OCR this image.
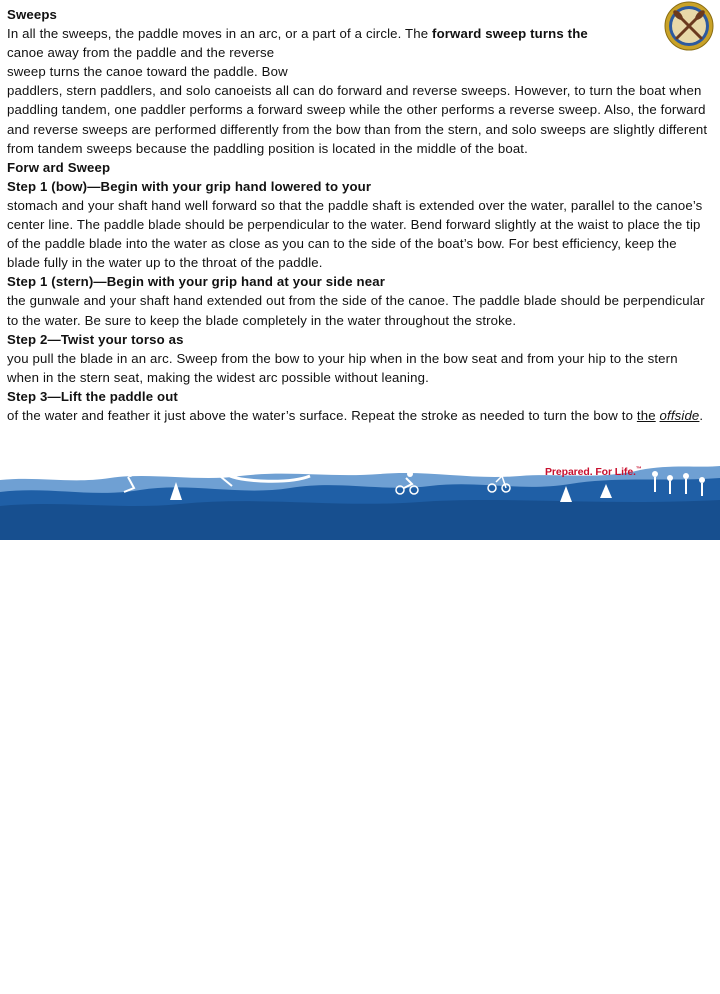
Sweeps

In all the sweeps, the paddle moves in an arc, or a part of a circle. The forward sweep turns the
canoe away from the paddle and the reverse
sweep turns the canoe toward the paddle. Bow
paddlers, stern paddlers, and solo canoeists all can do forward and reverse sweeps. However, to turn the boat when paddling tandem, one paddler performs a forward sweep while the other performs a reverse sweep. Also, the forward and reverse sweeps are performed differently from the bow than from the stern, and solo sweeps are slightly different from tandem sweeps because the paddling position is located in the middle of the boat.

Forw ard Sweep

Step 1 (bow)—Begin with your grip hand lowered to your

stomach and your shaft hand well forward so that the paddle shaft is extended over the water, parallel to the canoe’s center line. The paddle blade should be perpendicular to the water. Bend forward slightly at the waist to place the tip of the paddle blade into the water as close as you can to the side of the boat’s bow. For best efficiency, keep the blade fully in the water up to the throat of the paddle.

Step 1 (stern)—Begin with your grip hand at your side near

the gunwale and your shaft hand extended out from the side of the canoe. The paddle blade should be perpendicular to the water. Be sure to keep the blade completely in the water throughout the stroke.

Step 2—Twist your torso as

you pull the blade in an arc. Sweep from the bow to your hip when in the bow seat and from your hip to the stern when in the stern seat, making the widest arc possible without leaning.

Step 3—Lift the paddle out

of the water and feather it just above the water’s surface. Repeat the stroke as needed to turn the bow to the offside.

BOY SCOUTS OF AMERICA®
Prepared. For Life.™
